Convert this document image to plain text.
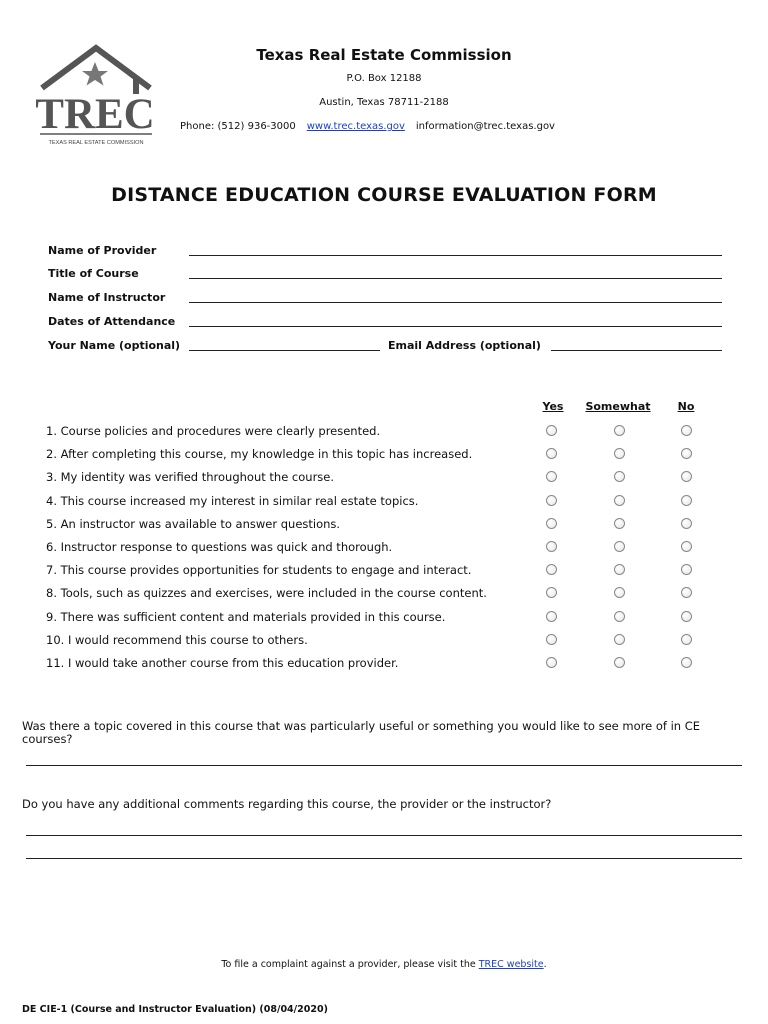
TREC
TEXAS REAL ESTATE COMMISSION
Texas Real Estate Commission
P.O. Box 12188
Austin, Texas 78711-2188
Phone: (512) 936-3000 www.trec.texas.gov information@trec.texas.gov
DISTANCE EDUCATION COURSE EVALUATION FORM
Name of Provider
Title of Course
Name of Instructor
Dates of Attendance
Your Name (optional)	Email Address (optional)
Yes	Somewhat	No
1. Course policies and procedures were clearly presented.
2. After completing this course, my knowledge in this topic has increased.
3. My identity was verified throughout the course.
4. This course increased my interest in similar real estate topics.
5. An instructor was available to answer questions.
6. Instructor response to questions was quick and thorough.
7. This course provides opportunities for students to engage and interact.
8. Tools, such as quizzes and exercises, were included in the course content.
9. There was sufficient content and materials provided in this course.
10. I would recommend this course to others.
11. I would take another course from this education provider.
Was there a topic covered in this course that was particularly useful or something you would like to see more of in CE courses?
Do you have any additional comments regarding this course, the provider or the instructor?
To file a complaint against a provider, please visit the TREC website.
DE CIE-1 (Course and Instructor Evaluation) (08/04/2020)
